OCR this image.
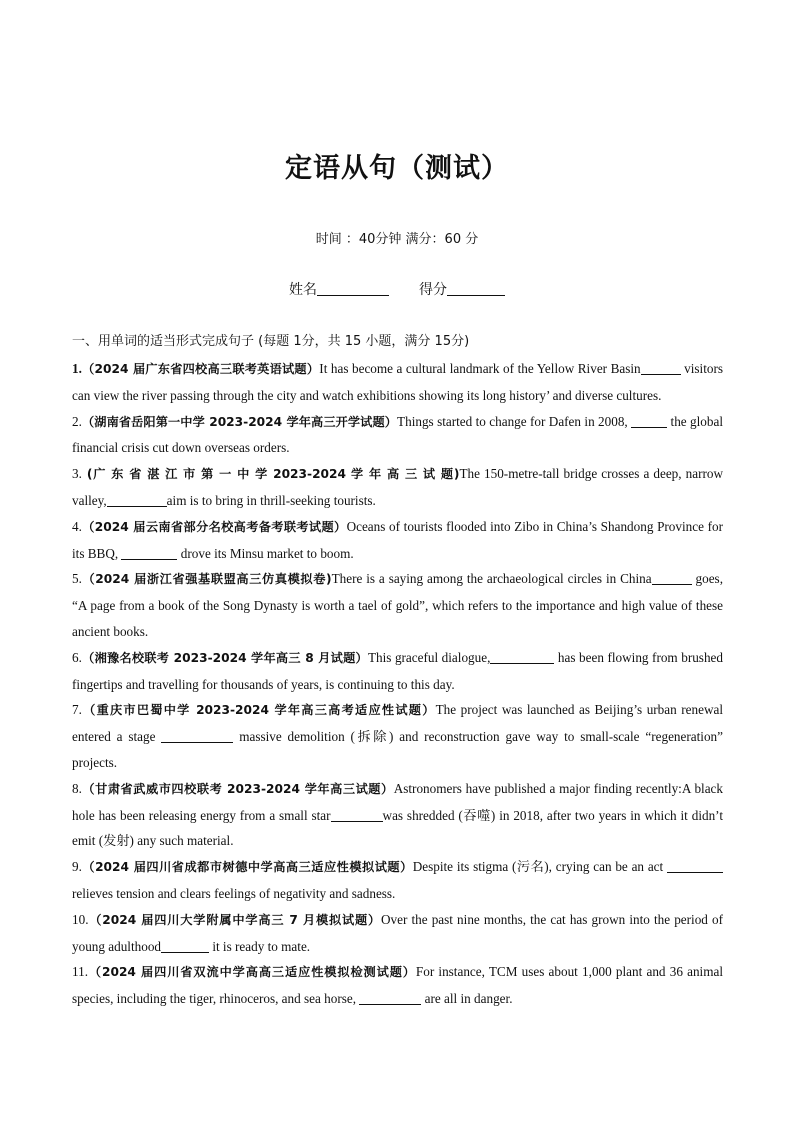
定语从句（测试）
时间 ：40分钟 满分：60 分
姓名	得分
一、用单词的适当形式完成句子 (每题 1分，共 15 小题，满分 15分)

1.（2024 届广东省四校高三联考英语试题）It has become a cultural landmark of the Yellow River Basin	visitors can view the river passing through the city and watch exhibitions showing its long history’ and diverse cultures.

2.（湖南省岳阳第一中学 2023-2024 学年高三开学试题）Things started to change for Dafen in 2008,	the global financial crisis cut down overseas orders.

3. (广 东 省 湛 江 市 第 一 中 学 2023-2024 学 年 高 三 试 题)The 150-metre-tall bridge crosses a deep, narrow valley,	aim is to bring in thrill-seeking tourists.

4.（2024 届云南省部分名校高考备考联考试题）Oceans of tourists flooded into Zibo in China’s Shandong Province for its BBQ,	drove its Minsu market to boom.

5.（2024 届浙江省强基联盟高三仿真模拟卷)There is a saying among the archaeological circles in China	goes, “A page from a book of the Song Dynasty is worth a tael of gold”, which refers to the importance and high value of these ancient books.

6.（湘豫名校联考 2023-2024 学年高三 8 月试题）This graceful dialogue,	has been flowing from brushed fingertips and travelling for thousands of years, is continuing to this day.

7.（重庆市巴蜀中学 2023-2024 学年高三高考适应性试题）The project was launched as Beijing’s urban renewal entered a stage	massive demolition (拆除) and reconstruction gave way to small-scale “regeneration” projects.

8.（甘肃省武威市四校联考 2023-2024 学年高三试题）Astronomers have published a major finding recently:A black hole has been releasing energy from a small star	was shredded (吞噬) in 2018, after two years in which it didn’t emit (发射) any such material.

9.（2024 届四川省成都市树德中学高高三适应性模拟试题）Despite its stigma (污名), crying can be an act  relieves tension and clears feelings of negativity and sadness.

10.（2024 届四川大学附属中学高三 7 月模拟试题）Over the past nine months, the cat has grown into the period of young adulthood	it is ready to mate.

11.（2024 届四川省双流中学高高三适应性模拟检测试题）For instance, TCM uses about 1,000 plant and 36 animal species, including the tiger, rhinoceros, and sea horse,	are all in danger.
